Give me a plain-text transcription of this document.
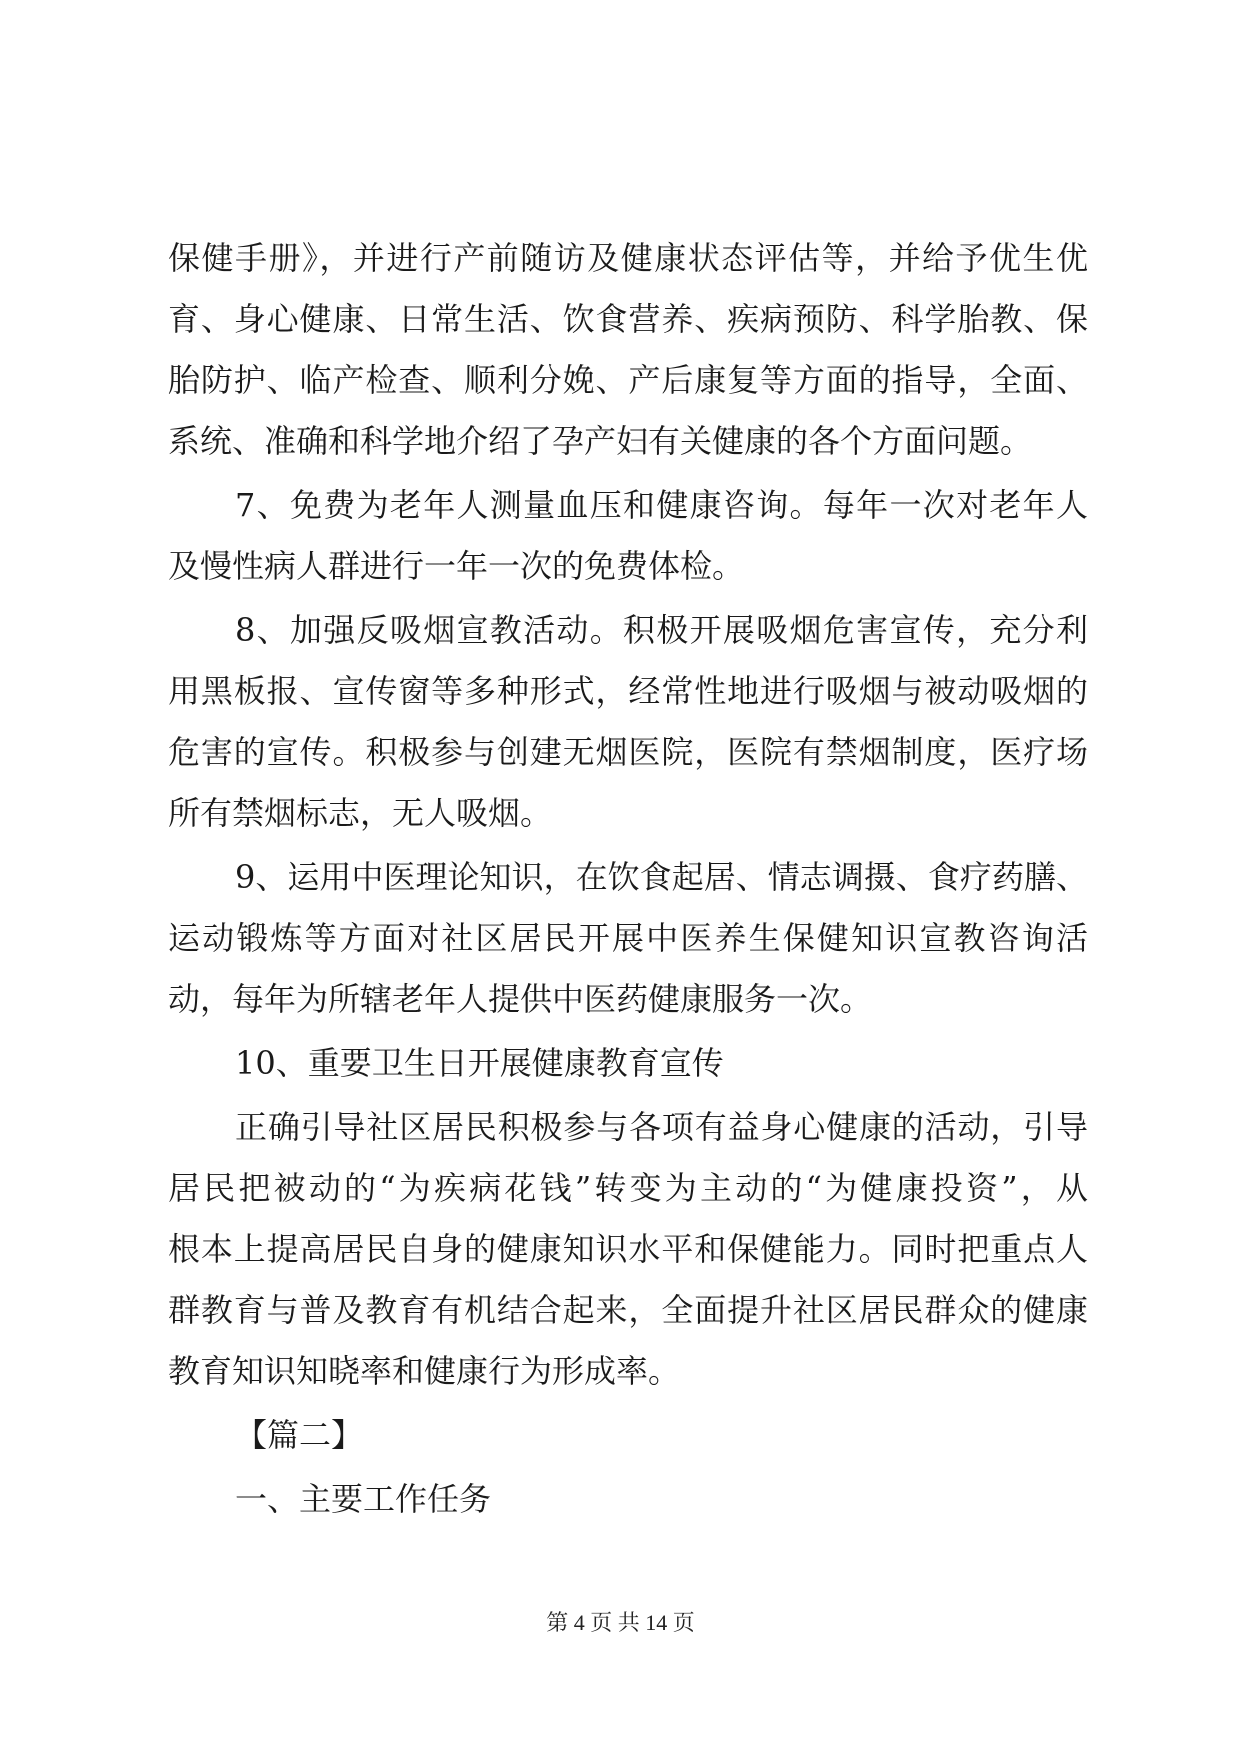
保健手册》，并进行产前随访及健康状态评估等，并给予优生优
育、身心健康、日常生活、饮食营养、疾病预防、科学胎教、保
胎防护、临产检查、顺利分娩、产后康复等方面的指导，全面、
系统、准确和科学地介绍了孕产妇有关健康的各个方面问题。
7、免费为老年人测量血压和健康咨询。每年一次对老年人
及慢性病人群进行一年一次的免费体检。
8、加强反吸烟宣教活动。积极开展吸烟危害宣传，充分利
用黑板报、宣传窗等多种形式，经常性地进行吸烟与被动吸烟的
危害的宣传。积极参与创建无烟医院，医院有禁烟制度，医疗场
所有禁烟标志，无人吸烟。
9、运用中医理论知识，在饮食起居、情志调摄、食疗药膳、
运动锻炼等方面对社区居民开展中医养生保健知识宣教咨询活
动，每年为所辖老年人提供中医药健康服务一次。
10、重要卫生日开展健康教育宣传
正确引导社区居民积极参与各项有益身心健康的活动，引导
居民把被动的“为疾病花钱”转变为主动的“为健康投资”，从
根本上提高居民自身的健康知识水平和保健能力。同时把重点人
群教育与普及教育有机结合起来，全面提升社区居民群众的健康
教育知识知晓率和健康行为形成率。
【篇二】
一、主要工作任务
第 4 页 共 14 页
